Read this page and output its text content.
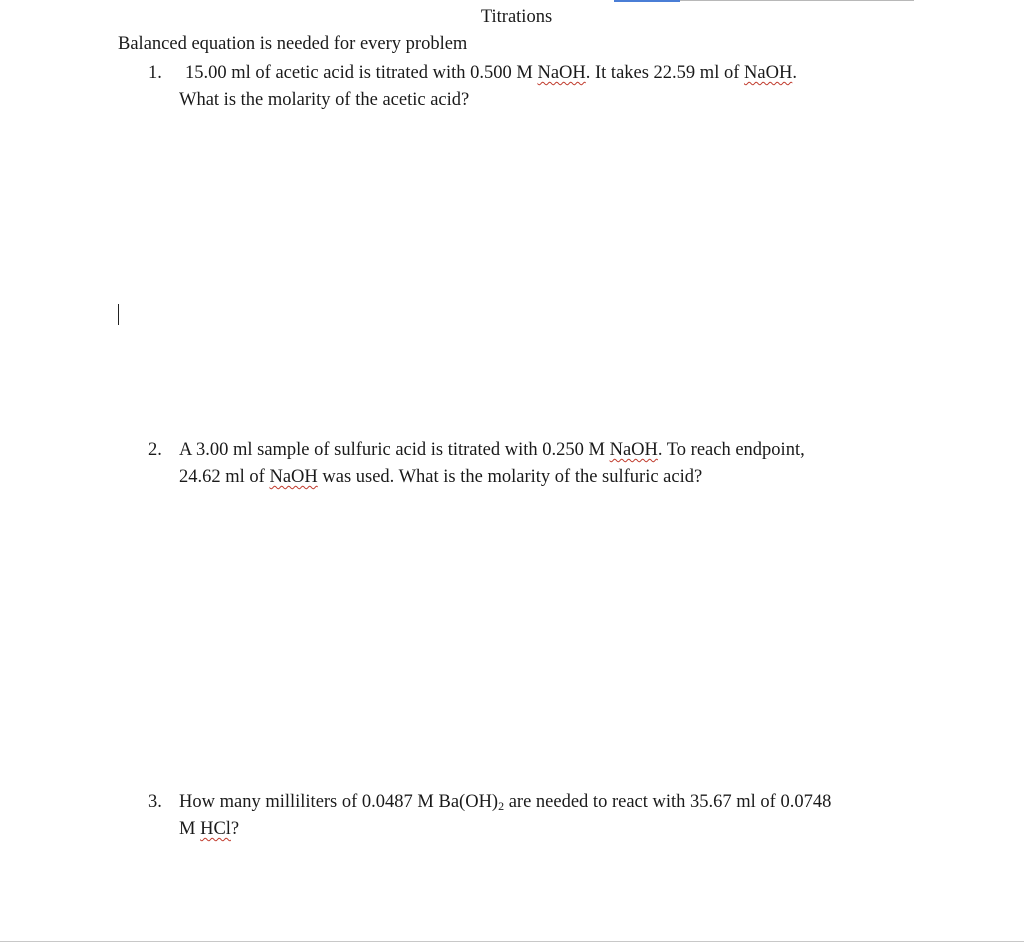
Titrations
Balanced equation is needed for every problem
1. 15.00 ml of acetic acid is titrated with 0.500 M NaOH. It takes 22.59 ml of NaOH.
What is the molarity of the acetic acid?
2. A 3.00 ml sample of sulfuric acid is titrated with 0.250 M NaOH. To reach endpoint,
24.62 ml of NaOH was used. What is the molarity of the sulfuric acid?
3. How many milliliters of 0.0487 M $Ba(OH)_2$ are needed to react with 35.67 ml of 0.0748
M HCl?
